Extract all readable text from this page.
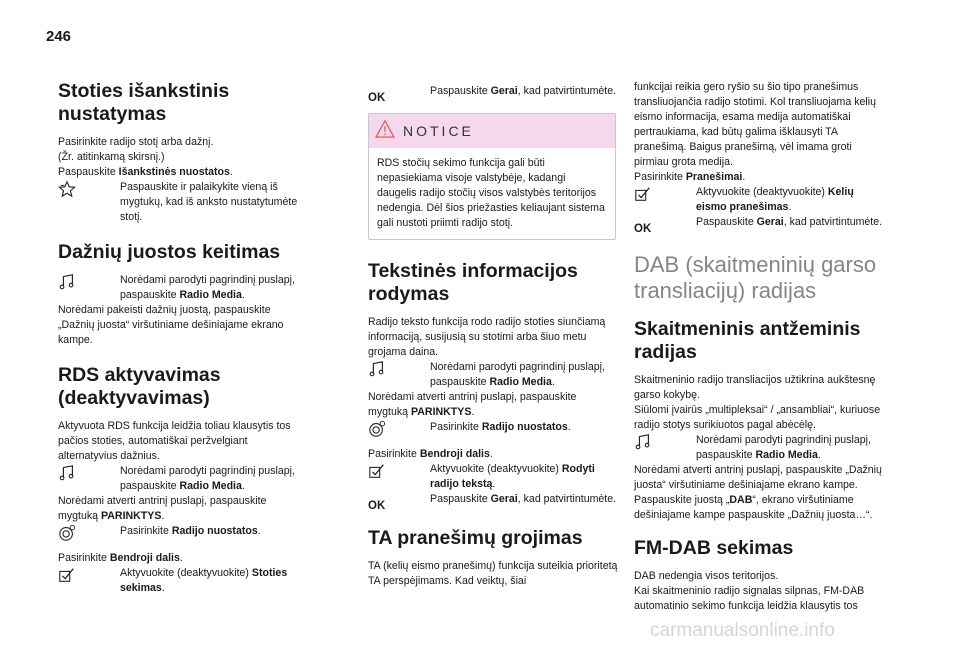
246
Stoties išankstinis nustatymas

Pasirinkite radijo stotį arba dažnį.

(Žr. atitinkamą skirsnį.)

Paspauskite Išankstinės nuostatos.

Paspauskite ir palaikykite vieną iš mygtukų, kad iš anksto nustatytumėte stotį.

Dažnių juostos keitimas

Norėdami parodyti pagrindinį puslapį, paspauskite Radio Media.

Norėdami pakeisti dažnių juostą, paspauskite „Dažnių juosta“ viršutiniame dešiniajame ekrano kampe.

RDS aktyvavimas (deaktyvavimas)

Aktyvuota RDS funkcija leidžia toliau klausytis tos pačios stoties, automatiškai peržvelgiant alternatyvius dažnius.

Norėdami parodyti pagrindinį puslapį, paspauskite Radio Media.

Norėdami atverti antrinį puslapį, paspauskite mygtuką PARINKTYS.

Pasirinkite Radijo nuostatos.

Pasirinkite Bendroji dalis.

Aktyvuokite (deaktyvuokite) Stoties sekimas.

OK
Paspauskite Gerai, kad patvirtintumėte.

NOTICE

RDS stočių sekimo funkcija gali būti nepasiekiama visoje valstybėje, kadangi daugelis radijo stočių visos valstybės teritorijos nedengia. Dėl šios priežasties keliaujant sistema gali nustoti priimti radijo stotį.

Tekstinės informacijos rodymas

Radijo teksto funkcija rodo radijo stoties siunčiamą informaciją, susijusią su stotimi arba šiuo metu grojama daina.

Norėdami parodyti pagrindinį puslapį, paspauskite Radio Media.

Norėdami atverti antrinį puslapį, paspauskite mygtuką PARINKTYS.

Pasirinkite Radijo nuostatos.

Pasirinkite Bendroji dalis.

Aktyvuokite (deaktyvuokite) Rodyti radijo tekstą.

OK
Paspauskite Gerai, kad patvirtintumėte.

TA pranešimų grojimas

TA (kelių eismo pranešimų) funkcija suteikia prioritetą TA perspėjimams. Kad veiktų, šiai

funkcijai reikia gero ryšio su šio tipo pranešimus transliuojančia radijo stotimi. Kol transliuojama kelių eismo informacija, esama medija automatiškai pertraukiama, kad būtų galima išklausyti TA pranešimą. Baigus pranešimą, vėl imama groti pirmiau grota medija.

Pasirinkite Pranešimai.

Aktyvuokite (deaktyvuokite) Kelių eismo pranešimas.

OK
Paspauskite Gerai, kad patvirtintumėte.

DAB (skaitmeninių garso transliacijų) radijas
Skaitmeninis antžeminis radijas

Skaitmeninio radijo transliacijos užtikrina aukštesnę garso kokybę.

Siūlomi įvairūs „multipleksai“ / „ansambliai“, kuriuose radijo stotys surikiuotos pagal abėcėlę.

Norėdami parodyti pagrindinį puslapį, paspauskite Radio Media.

Norėdami atverti antrinį puslapį, paspauskite „Dažnių juosta“ viršutiniame dešiniajame ekrano kampe. Paspauskite juostą „DAB“, ekrano viršutiniame dešiniajame kampe paspauskite „Dažnių juosta…“.

FM-DAB sekimas

DAB nedengia visos teritorijos.

Kai skaitmeninio radijo signalas silpnas, FM-DAB automatinio sekimo funkcija leidžia klausytis tos

carmanualsonline.info
